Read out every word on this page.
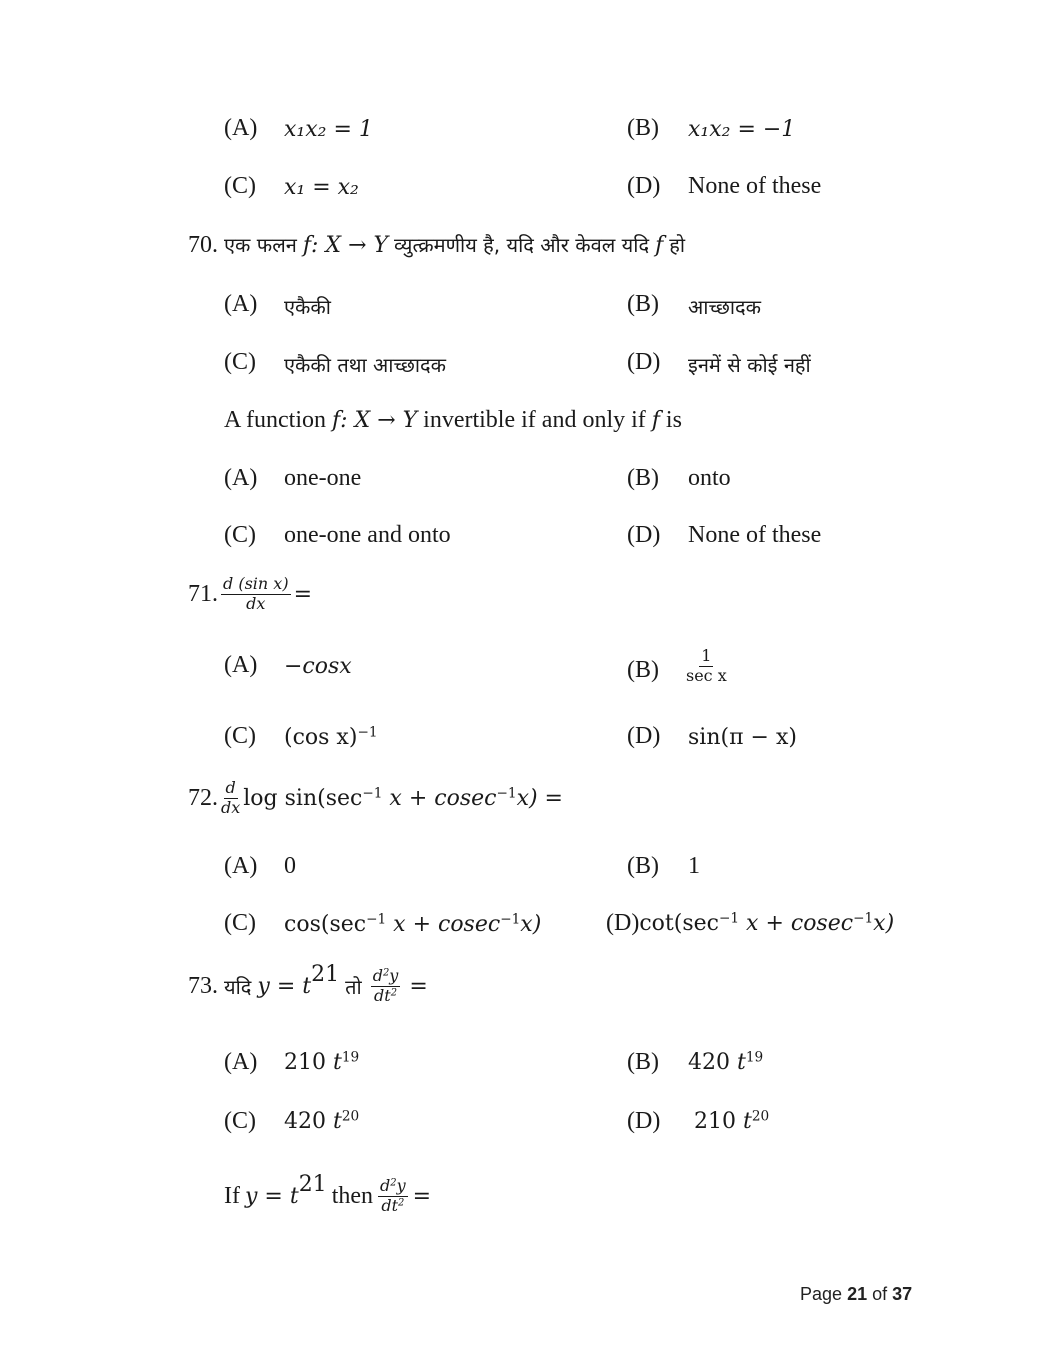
(A) x₁x₂ = 1	(B) x₁x₂ = −1
(C) x₁ = x₂	(D) None of these
70. एक फलन f: X → Y व्युत्क्रमणीय है, यदि और केवल यदि f हो
(A) एकैकी	(B) आच्छादक
(C) एकैकी तथा आच्छादक	(D) इनमें से कोई नहीं
A function f: X → Y invertible if and only if f is
(A) one-one	(B) onto
(C) one-one and onto	(D) None of these
71. $\frac{\text{d (sin x)}}{dx}$ =
(A) −cosx	$(B) \frac{1}{\text{sec x}}$
(C) (cos x)$^{-1}$	(D) sin(π − x)
72. $\frac{d}{dx}$ $\log \sin(\sec^{-1}$ x + cosec$^{-1}$x) =
(A) 0	(B) 1
(C) $\cos(\sec^{-1}$ x + cosec$^{-1}$x)	$(D)\cot(\sec^{-1}$ x + cosec$^{-1}$x)
73. यदि $y = t^{21}$
तो $\frac{d^2y}{dt^2}$ =
(A) 210 $t^{19}$	(B) 420 $t^{19}$
(C) 420 $t^{20}$	(D) 210 $t^{20}$
If $y = t^{21}$ then $\frac{d^2y}{dt^2}$ =
Page 21 of 37
